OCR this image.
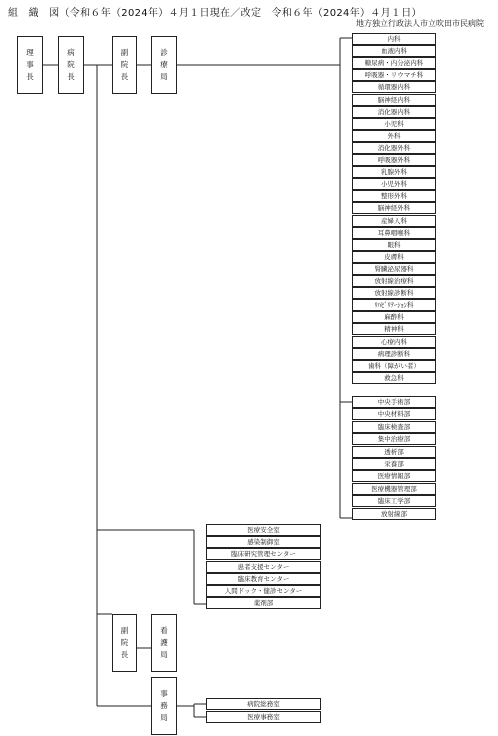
組　織　図（令和６年（2024年）４月１日現在／改定　令和６年（2024年）４月１日）
地方独立行政法人市立吹田市民病院
理
事
長
病
院
長
副
院
長
診
療
局
副
院
長
看
護
局
事
務
局
内科
血液内科
糖尿病・内分泌内科
呼吸器・リウマチ科
循環器内科
脳神経内科
消化器内科
小児科
外科
消化器外科
呼吸器外科
乳腺外科
小児外科
整形外科
脳神経外科
産婦人科
耳鼻咽喉科
眼科
皮膚科
腎臓泌尿器科
放射線治療科
放射線診断科
ﾘﾊﾋﾞﾘﾃｰｼｮﾝ科
麻酔科
精神科
心療内科
病理診断科
歯科（障がい者）
救急科
中央手術部
中央材料部
臨床検査部
集中治療部
透析部
栄養部
医療情報部
医療機器管理部
臨床工学部
放射線部
医療安全室
感染制御室
臨床研究管理センター
患者支援センター
臨床教育センター
人間ドック・健診センター
薬剤部
病院総務室
医療事務室
